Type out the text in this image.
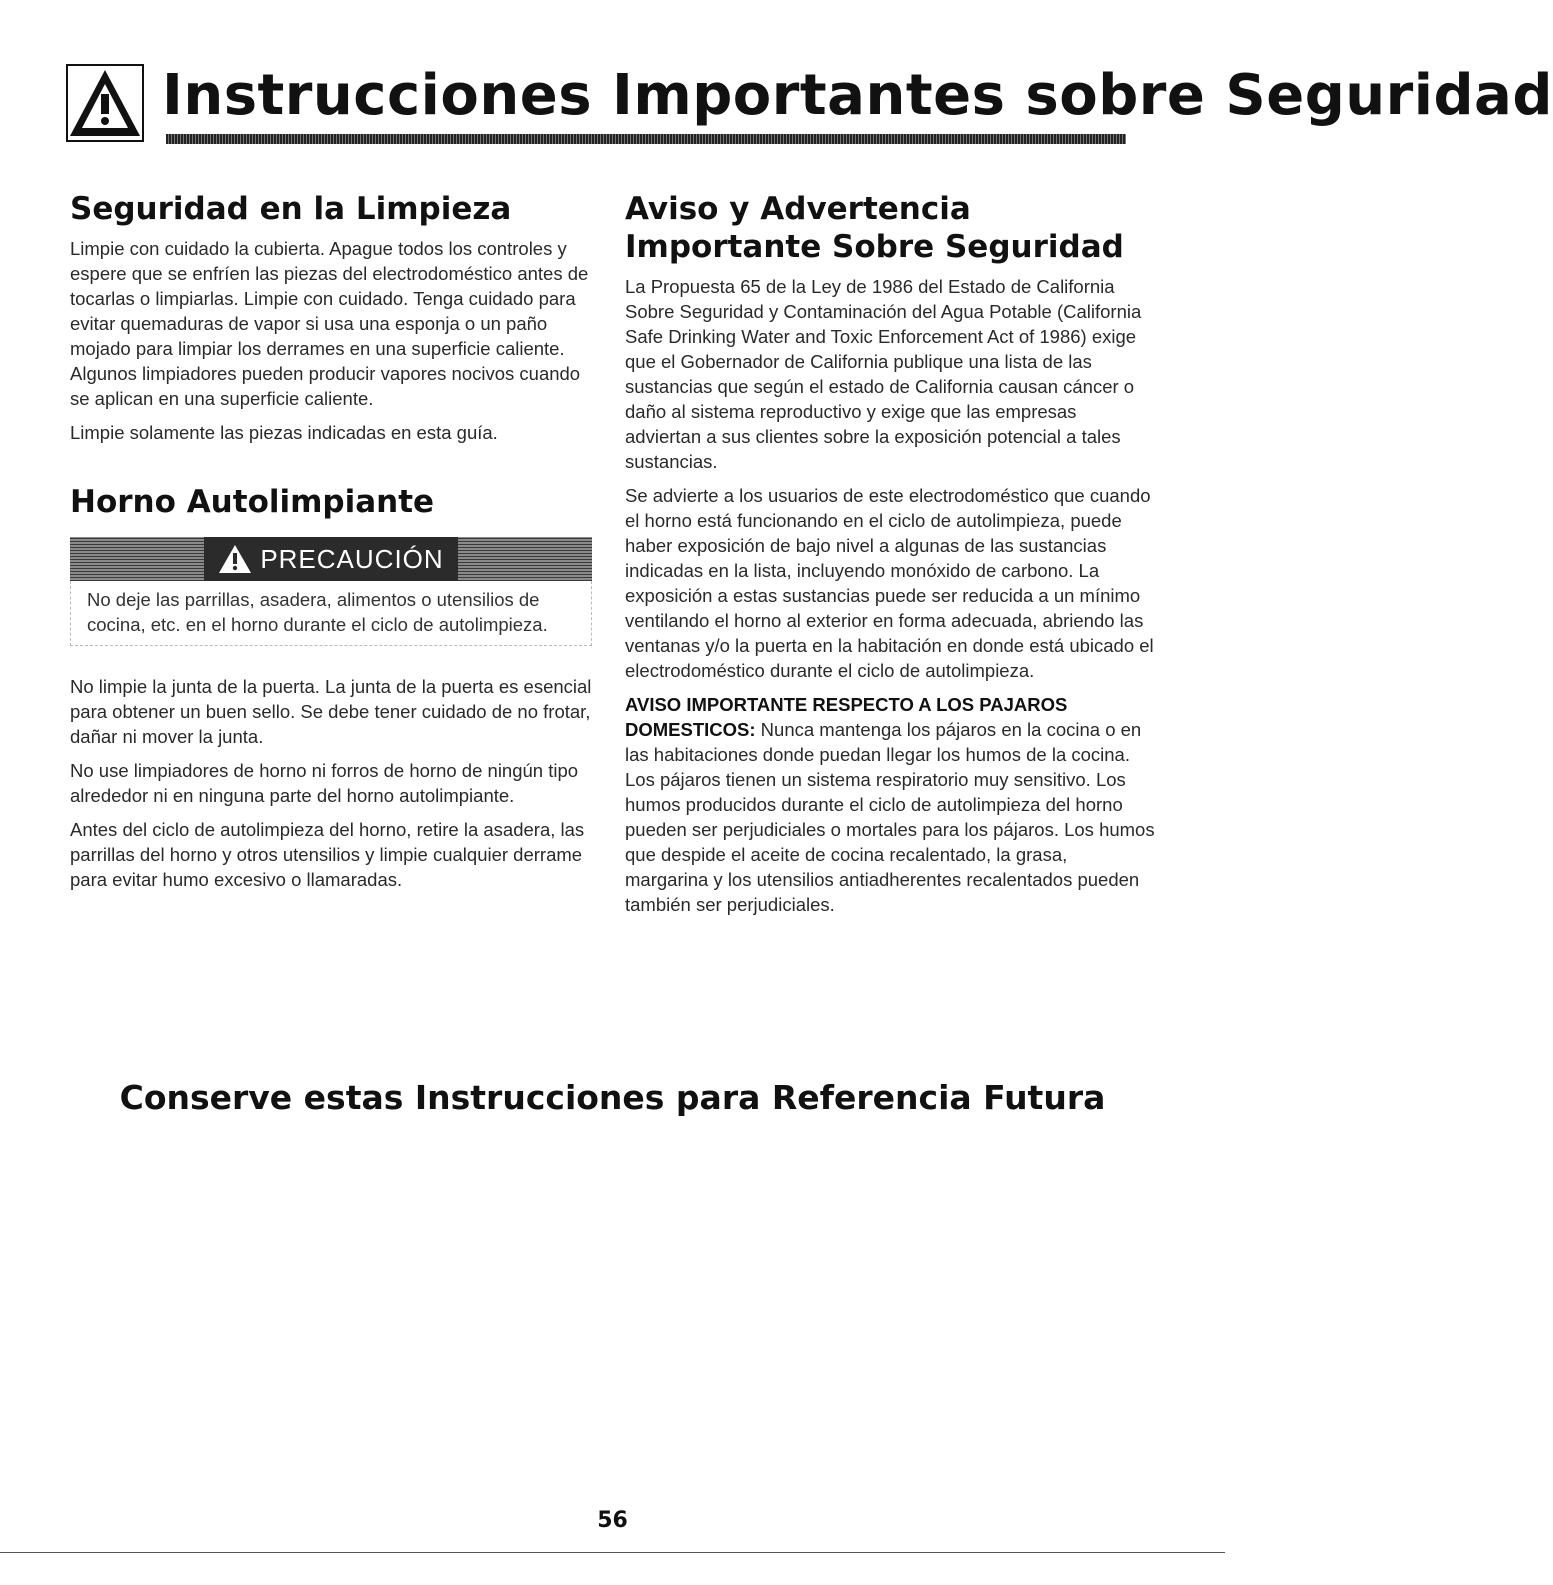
Instrucciones Importantes sobre Seguridad
Seguridad en la Limpieza

Limpie con cuidado la cubierta. Apague todos los controles y espere que se enfríen las piezas del electrodoméstico antes de tocarlas o limpiarlas. Limpie con cuidado. Tenga cuidado para evitar quemaduras de vapor si usa una esponja o un paño mojado para limpiar los derrames en una superficie caliente. Algunos limpiadores pueden producir vapores nocivos cuando se aplican en una superficie caliente.

Limpie solamente las piezas indicadas en esta guía.

Horno Autolimpiante
PRECAUCIÓN
No deje las parrillas, asadera, alimentos o utensilios de cocina, etc. en el horno durante el ciclo de autolimpieza.

No limpie la junta de la puerta. La junta de la puerta es esencial para obtener un buen sello. Se debe tener cuidado de no frotar, dañar ni mover la junta.

No use limpiadores de horno ni forros de horno de ningún tipo alrededor ni en ninguna parte del horno autolimpiante.

Antes del ciclo de autolimpieza del horno, retire la asadera, las parrillas del horno y otros utensilios y limpie cualquier derrame para evitar humo excesivo o llamaradas.

Aviso y Advertencia Importante Sobre Seguridad

La Propuesta 65 de la Ley de 1986 del Estado de California Sobre Seguridad y Contaminación del Agua Potable (California Safe Drinking Water and Toxic Enforcement Act of 1986) exige que el Gobernador de California publique una lista de las sustancias que según el estado de California causan cáncer o daño al sistema reproductivo y exige que las empresas adviertan a sus clientes sobre la exposición potencial a tales sustancias.

Se advierte a los usuarios de este electrodoméstico que cuando el horno está funcionando en el ciclo de autolimpieza, puede haber exposición de bajo nivel a algunas de las sustancias indicadas en la lista, incluyendo monóxido de carbono. La exposición a estas sustancias puede ser reducida a un mínimo ventilando el horno al exterior en forma adecuada, abriendo las ventanas y/o la puerta en la habitación en donde está ubicado el electrodoméstico durante el ciclo de autolimpieza.

AVISO IMPORTANTE RESPECTO A LOS PAJAROS

DOMESTICOS: Nunca mantenga los pájaros en la cocina o en las habitaciones donde puedan llegar los humos de la cocina. Los pájaros tienen un sistema respiratorio muy sensitivo. Los humos producidos durante el ciclo de autolimpieza del horno pueden ser perjudiciales o mortales para los pájaros. Los humos que despide el aceite de cocina recalentado, la grasa, margarina y los utensilios antiadherentes recalentados pueden también ser perjudiciales.

Conserve estas Instrucciones para Referencia Futura
56
